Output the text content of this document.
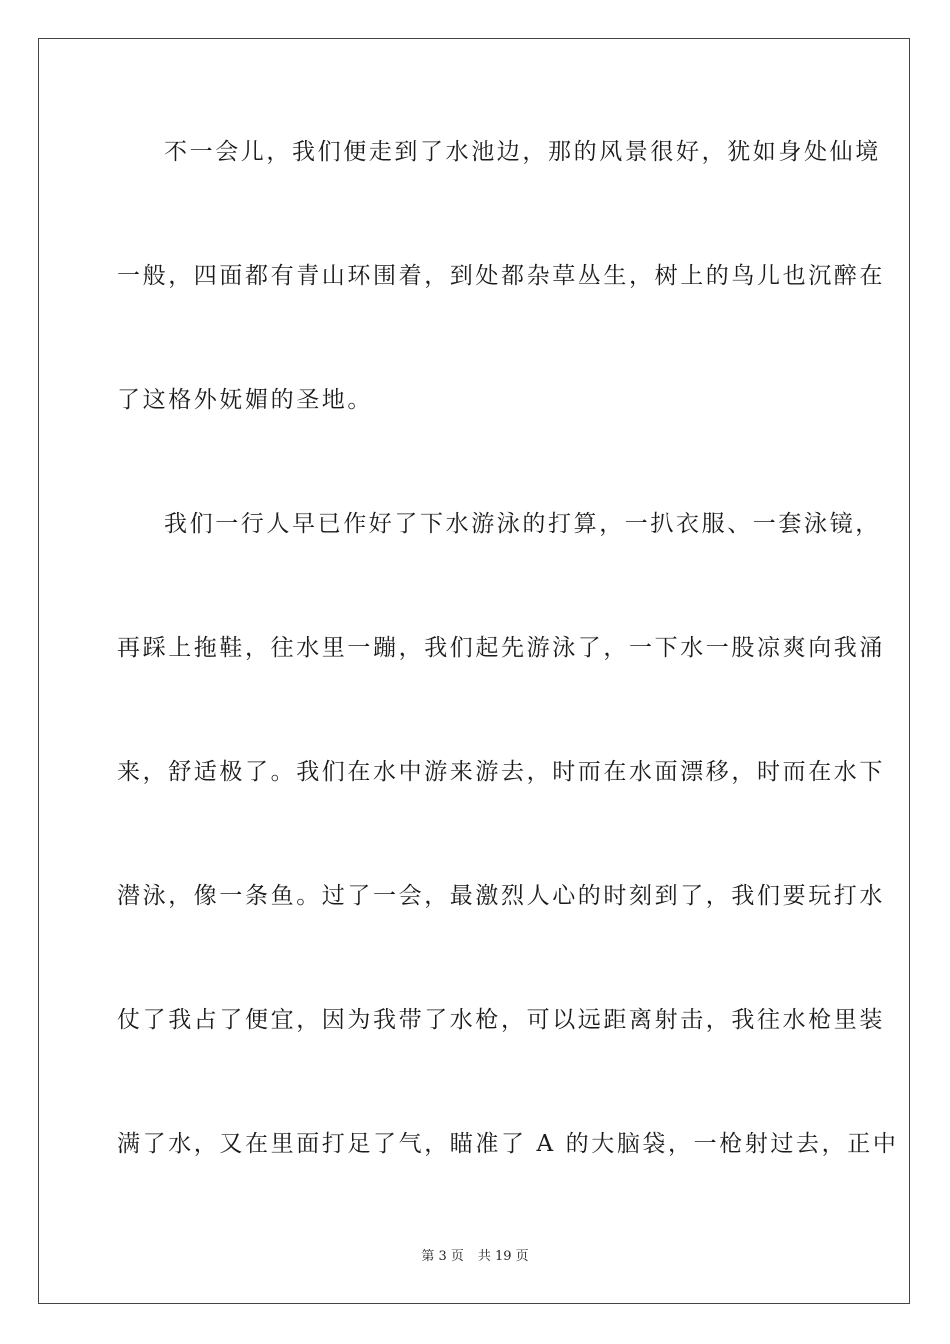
不一会儿，我们便走到了水池边，那的风景很好，犹如身处仙境
一般，四面都有青山环围着，到处都杂草丛生，树上的鸟儿也沉醉在
了这格外妩媚的圣地。
我们一行人早已作好了下水游泳的打算，一扒衣服、一套泳镜，
再踩上拖鞋，往水里一蹦，我们起先游泳了，一下水一股凉爽向我涌
来，舒适极了。我们在水中游来游去，时而在水面漂移，时而在水下
潜泳，像一条鱼。过了一会，最激烈人心的时刻到了，我们要玩打水
仗了我占了便宜，因为我带了水枪，可以远距离射击，我往水枪里装
满了水，又在里面打足了气，瞄准了 A 的大脑袋，一枪射过去，正中
第 3 页 共 19 页
